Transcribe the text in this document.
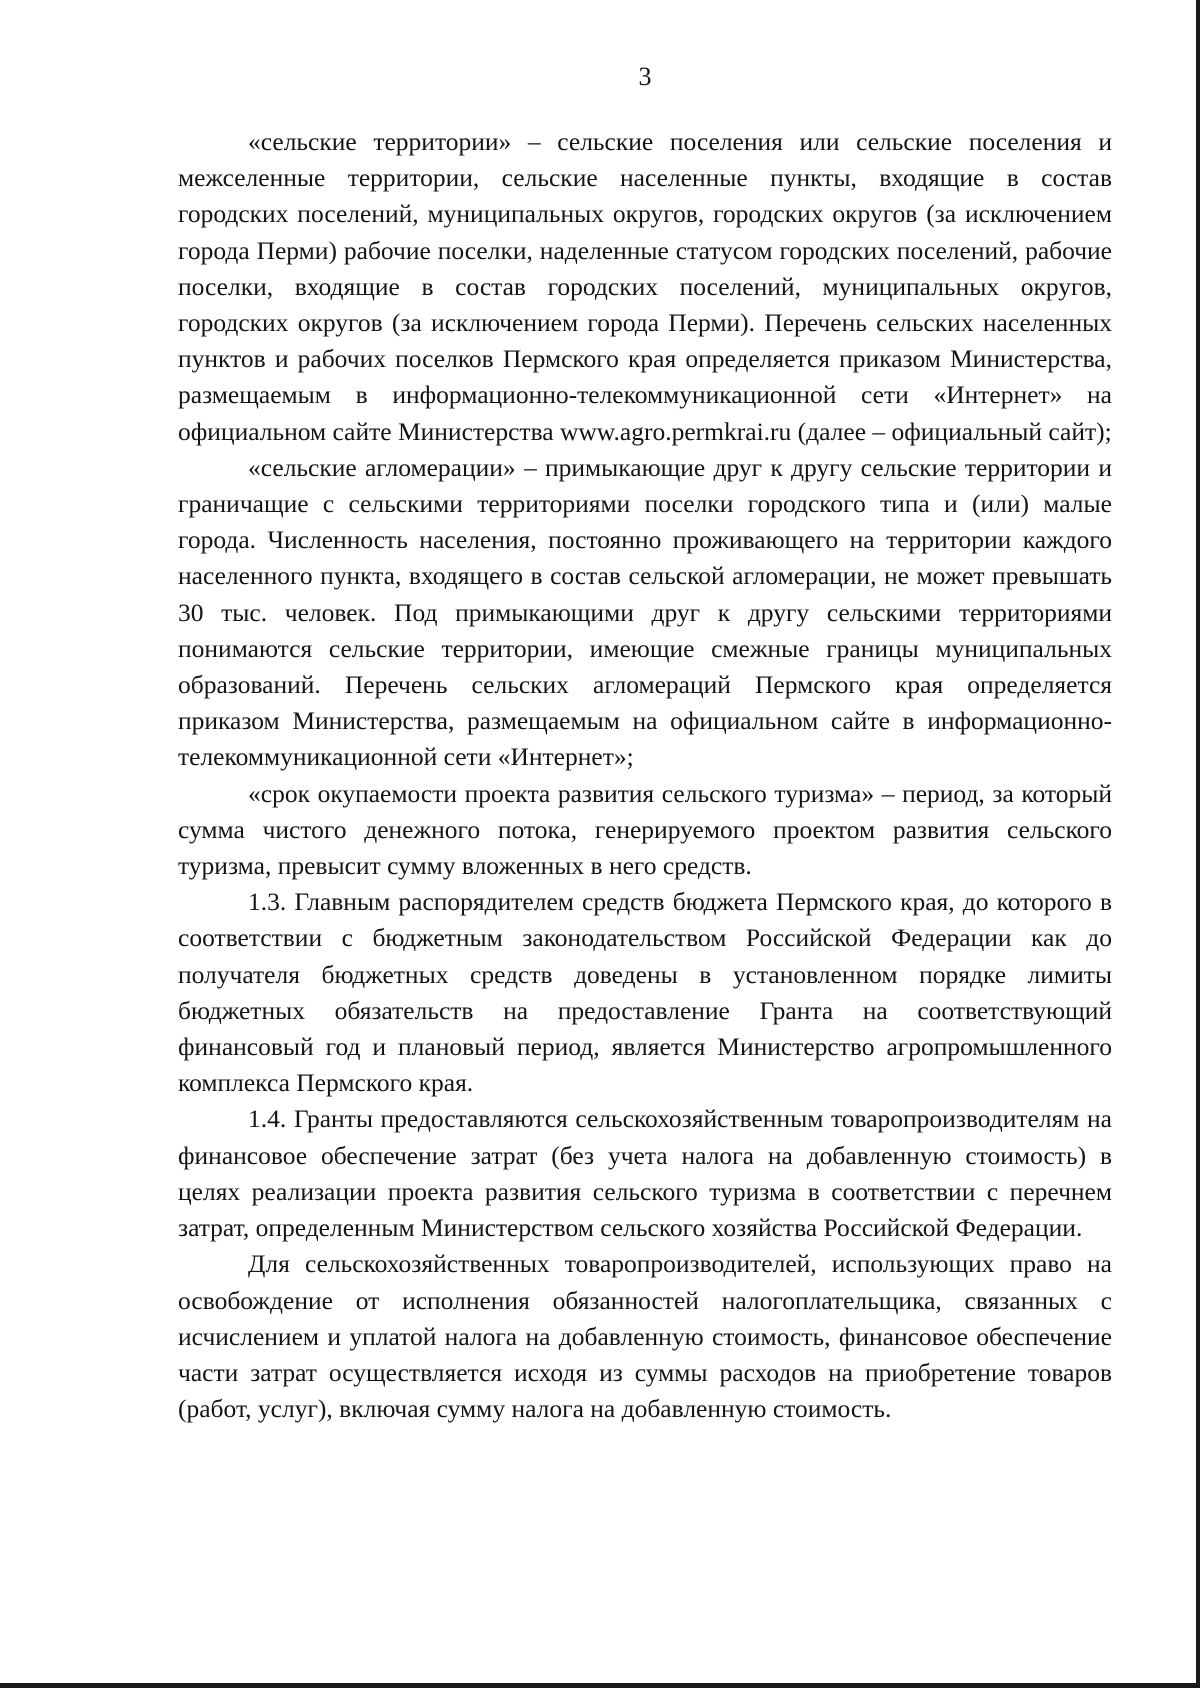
3

«сельские территории» – сельские поселения или сельские поселения и межселенные территории, сельские населенные пункты, входящие в состав городских поселений, муниципальных округов, городских округов (за исключением города Перми) рабочие поселки, наделенные статусом городских поселений, рабочие поселки, входящие в состав городских поселений, муниципальных округов, городских округов (за исключением города Перми). Перечень сельских населенных пунктов и рабочих поселков Пермского края определяется приказом Министерства, размещаемым в информационно-телекоммуникационной сети «Интернет» на официальном сайте Министерства www.agro.permkrai.ru (далее – официальный сайт);

«сельские агломерации» – примыкающие друг к другу сельские территории и граничащие с сельскими территориями поселки городского типа и (или) малые города. Численность населения, постоянно проживающего на территории каждого населенного пункта, входящего в состав сельской агломерации, не может превышать 30 тыс. человек. Под примыкающими друг к другу сельскими территориями понимаются сельские территории, имеющие смежные границы муниципальных образований. Перечень сельских агломераций Пермского края определяется приказом Министерства, размещаемым на официальном сайте в информационно-телекоммуникационной сети «Интернет»;

«срок окупаемости проекта развития сельского туризма» – период, за который сумма чистого денежного потока, генерируемого проектом развития сельского туризма, превысит сумму вложенных в него средств.

1.3. Главным распорядителем средств бюджета Пермского края, до которого в соответствии с бюджетным законодательством Российской Федерации как до получателя бюджетных средств доведены в установленном порядке лимиты бюджетных обязательств на предоставление Гранта на соответствующий финансовый год и плановый период, является Министерство агропромышленного комплекса Пермского края.

1.4. Гранты предоставляются сельскохозяйственным товаропроизводителям на финансовое обеспечение затрат (без учета налога на добавленную стоимость) в целях реализации проекта развития сельского туризма в соответствии с перечнем затрат, определенным Министерством сельского хозяйства Российской Федерации.

Для сельскохозяйственных товаропроизводителей, использующих право на освобождение от исполнения обязанностей налогоплательщика, связанных с исчислением и уплатой налога на добавленную стоимость, финансовое обеспечение части затрат осуществляется исходя из суммы расходов на приобретение товаров (работ, услуг), включая сумму налога на добавленную стоимость.
